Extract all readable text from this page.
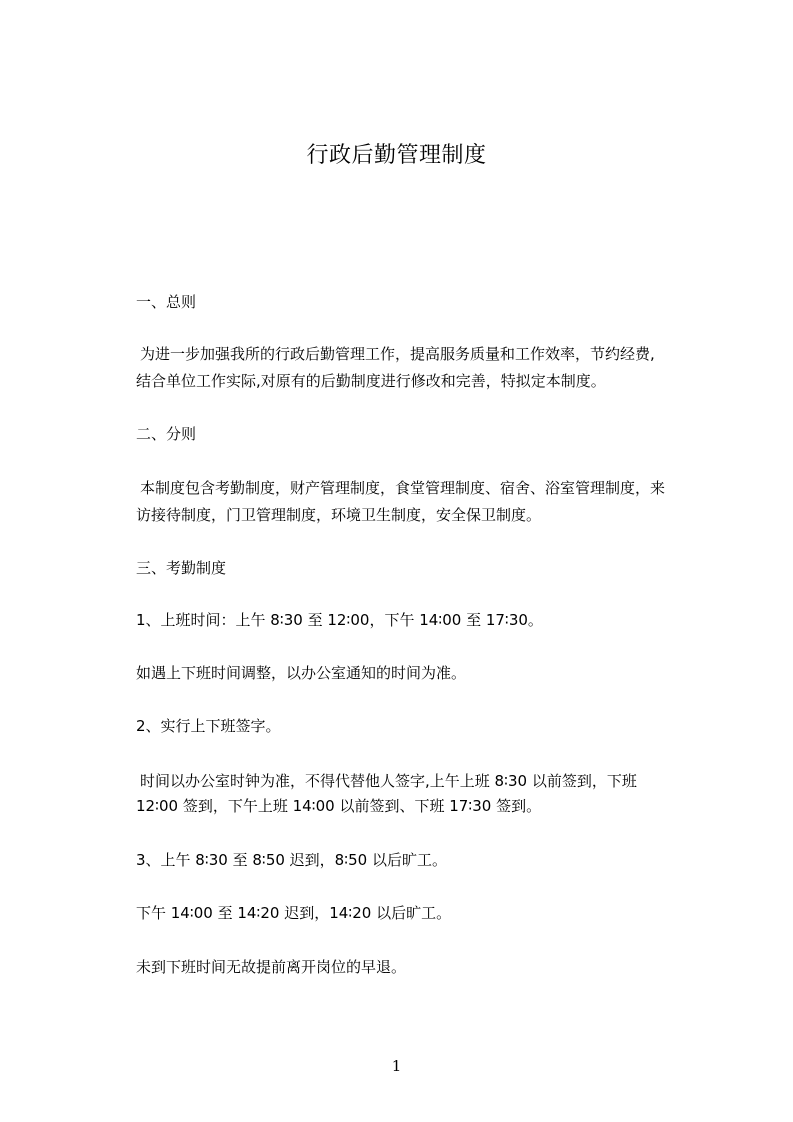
行政后勤管理制度
一、总则
为进一步加强我所的行政后勤管理工作，提高服务质量和工作效率，节约经费,
结合单位工作实际,对原有的后勤制度进行修改和完善，特拟定本制度。
二、分则
本制度包含考勤制度，财产管理制度，食堂管理制度、宿舍、浴室管理制度，来
访接待制度，门卫管理制度，环境卫生制度，安全保卫制度。
三、考勤制度
1、上班时间：上午 8∶30 至 12∶00，下午 14∶00 至 17∶30。
如遇上下班时间调整，以办公室通知的时间为准。
2、实行上下班签字。
时间以办公室时钟为准，不得代替他人签字,上午上班 8∶30 以前签到，下班
12∶00 签到，下午上班 14∶00 以前签到、下班 17∶30 签到。
3、上午 8∶30 至 8∶50 迟到，8∶50 以后旷工。
下午 14∶00 至 14∶20 迟到，14∶20 以后旷工。
未到下班时间无故提前离开岗位的早退。
1
